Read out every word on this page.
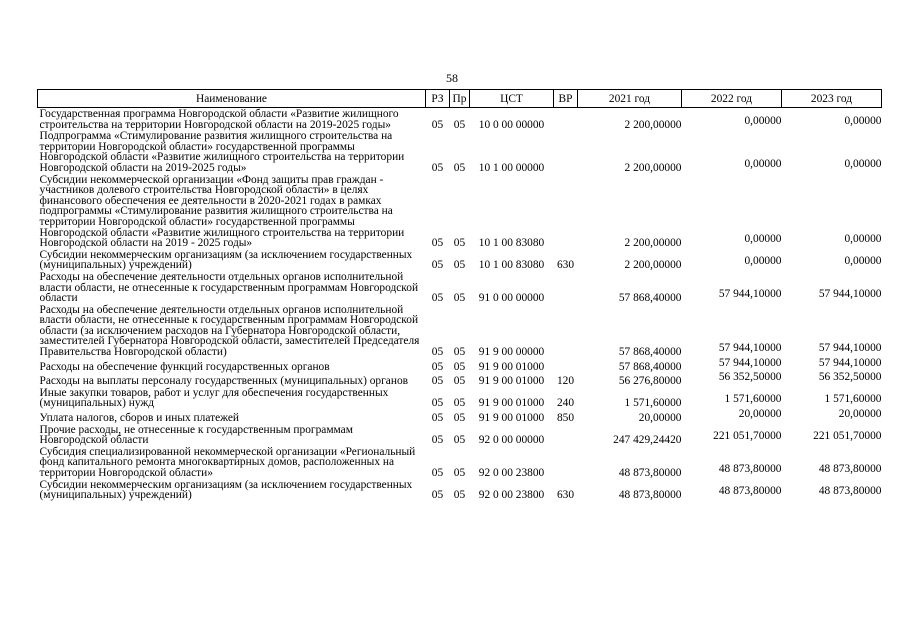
58
Наименование	РЗ	Пр	ЦСТ	ВР	2021 год	2022 год	2023 год
Государственная программа Новгородской области «Развитие жилищного строительства на территории Новгородской области на 2019-2025 годы»	05	05	10 0 00 00000		2 200,00000	0,00000	0,00000
Подпрограмма «Стимулирование развития жилищного строительства на территории Новгородской области» государственной программы Новгородской области «Развитие жилищного строительства на территории Новгородской области на 2019-2025 годы»	05	05	10 1 00 00000		2 200,00000	0,00000	0,00000
Субсидии некоммерческой организации «Фонд защиты прав граждан - участников долевого строительства Новгородской области» в целях финансового обеспечения ее деятельности в 2020-2021 годах в рамках подпрограммы «Стимулирование развития жилищного строительства на территории Новгородской области» государственной программы Новгородской области «Развитие жилищного строительства на территории Новгородской области на 2019 - 2025 годы»	05	05	10 1 00 83080		2 200,00000	0,00000	0,00000
Субсидии некоммерческим организациям (за исключением государственных (муниципальных) учреждений)	05	05	10 1 00 83080	630	2 200,00000	0,00000	0,00000
Расходы на обеспечение деятельности отдельных органов исполнительной власти области, не отнесенные к государственным программам Новгородской области	05	05	91 0 00 00000		57 868,40000	57 944,10000	57 944,10000
Расходы на обеспечение деятельности отдельных органов исполнительной власти области, не отнесенные к государственным программам Новгородской области (за исключением расходов на Губернатора Новгородской области, заместителей Губернатора Новгородской области, заместителей Председателя Правительства Новгородской области)	05	05	91 9 00 00000		57 868,40000	57 944,10000	57 944,10000
Расходы на обеспечение функций государственных органов	05	05	91 9 00 01000		57 868,40000	57 944,10000	57 944,10000
Расходы на выплаты персоналу государственных (муниципальных) органов	05	05	91 9 00 01000	120	56 276,80000	56 352,50000	56 352,50000
Иные закупки товаров, работ и услуг для обеспечения государственных (муниципальных) нужд	05	05	91 9 00 01000	240	1 571,60000	1 571,60000	1 571,60000
Уплата налогов, сборов и иных платежей	05	05	91 9 00 01000	850	20,00000	20,00000	20,00000
Прочие расходы, не отнесенные к государственным программам Новгородской области	05	05	92 0 00 00000		247 429,24420	221 051,70000	221 051,70000
Субсидия специализированной некоммерческой организации «Региональный фонд капитального ремонта многоквартирных домов, расположенных на территории Новгородской области»	05	05	92 0 00 23800		48 873,80000	48 873,80000	48 873,80000
Субсидии некоммерческим организациям (за исключением государственных (муниципальных) учреждений)	05	05	92 0 00 23800	630	48 873,80000	48 873,80000	48 873,80000
